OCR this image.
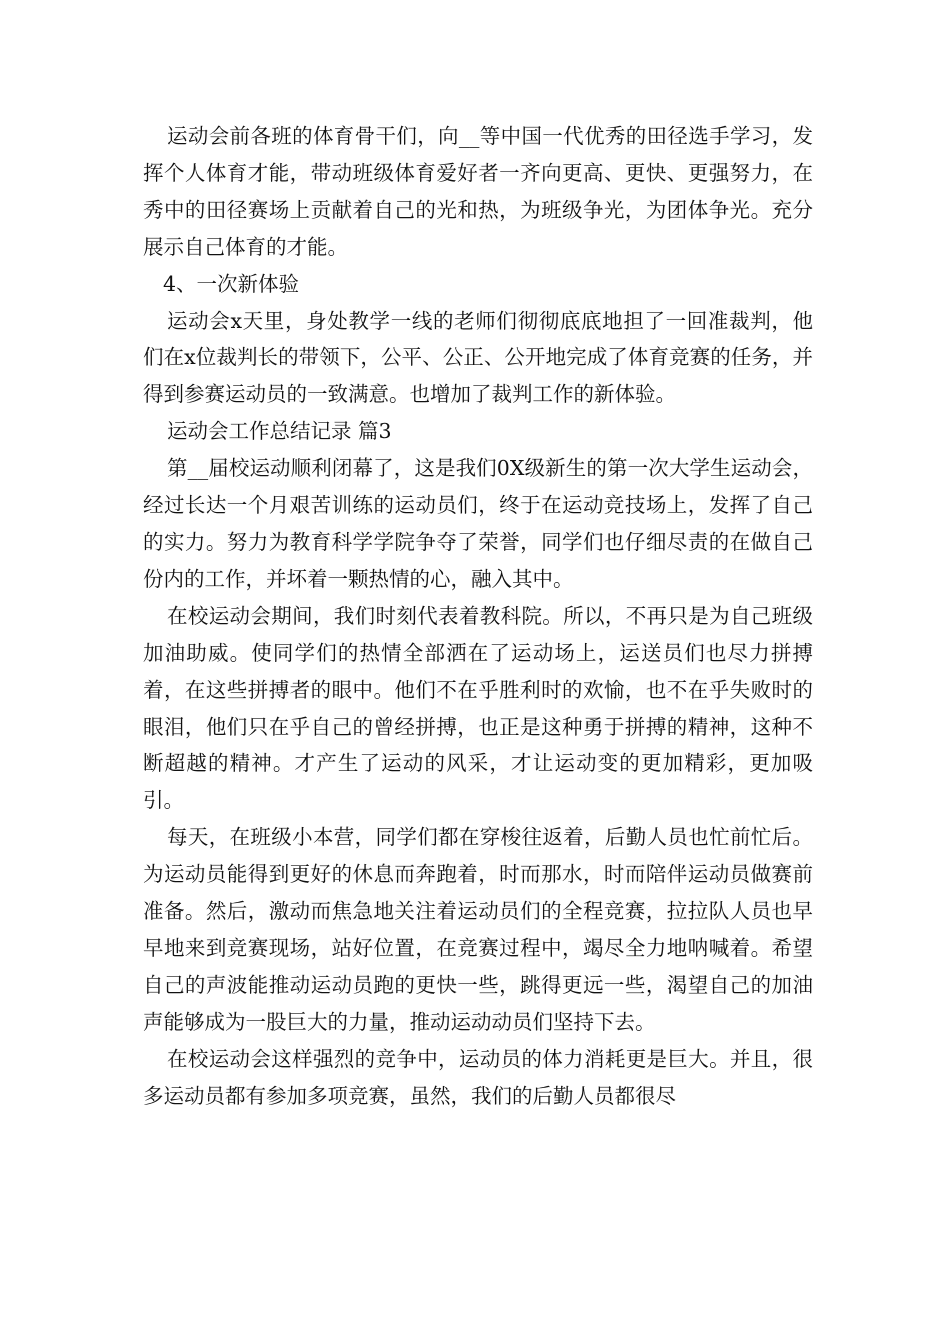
运动会前各班的体育骨干们，向__等中国一代优秀的田径选手学习，发挥个人体育才能，带动班级体育爱好者一齐向更高、更快、更强努力，在秀中的田径赛场上贡献着自己的光和热，为班级争光，为团体争光。充分展示自己体育的才能。

4、一次新体验

运动会x天里，身处教学一线的老师们彻彻底底地担了一回准裁判，他们在x位裁判长的带领下，公平、公正、公开地完成了体育竞赛的任务，并得到参赛运动员的一致满意。也增加了裁判工作的新体验。

运动会工作总结记录 篇3

第__届校运动顺利闭幕了，这是我们0X级新生的第一次大学生运动会，经过长达一个月艰苦训练的运动员们，终于在运动竞技场上，发挥了自己的实力。努力为教育科学学院争夺了荣誉，同学们也仔细尽责的在做自己份内的工作，并坏着一颗热情的心，融入其中。

在校运动会期间，我们时刻代表着教科院。所以，不再只是为自己班级加油助威。使同学们的热情全部洒在了运动场上，运送员们也尽力拼搏着，在这些拼搏者的眼中。他们不在乎胜利时的欢愉，也不在乎失败时的眼泪，他们只在乎自己的曾经拼搏，也正是这种勇于拼搏的精神，这种不断超越的精神。才产生了运动的风采，才让运动变的更加精彩，更加吸引。

每天，在班级小本营，同学们都在穿梭往返着，后勤人员也忙前忙后。为运动员能得到更好的休息而奔跑着，时而那水，时而陪伴运动员做赛前准备。然后，激动而焦急地关注着运动员们的全程竞赛，拉拉队人员也早早地来到竞赛现场，站好位置，在竞赛过程中，竭尽全力地呐喊着。希望自己的声波能推动运动员跑的更快一些，跳得更远一些，渴望自己的加油声能够成为一股巨大的力量，推动运动动员们坚持下去。

在校运动会这样强烈的竞争中，运动员的体力消耗更是巨大。并且，很多运动员都有参加多项竞赛，虽然，我们的后勤人员都很尽
